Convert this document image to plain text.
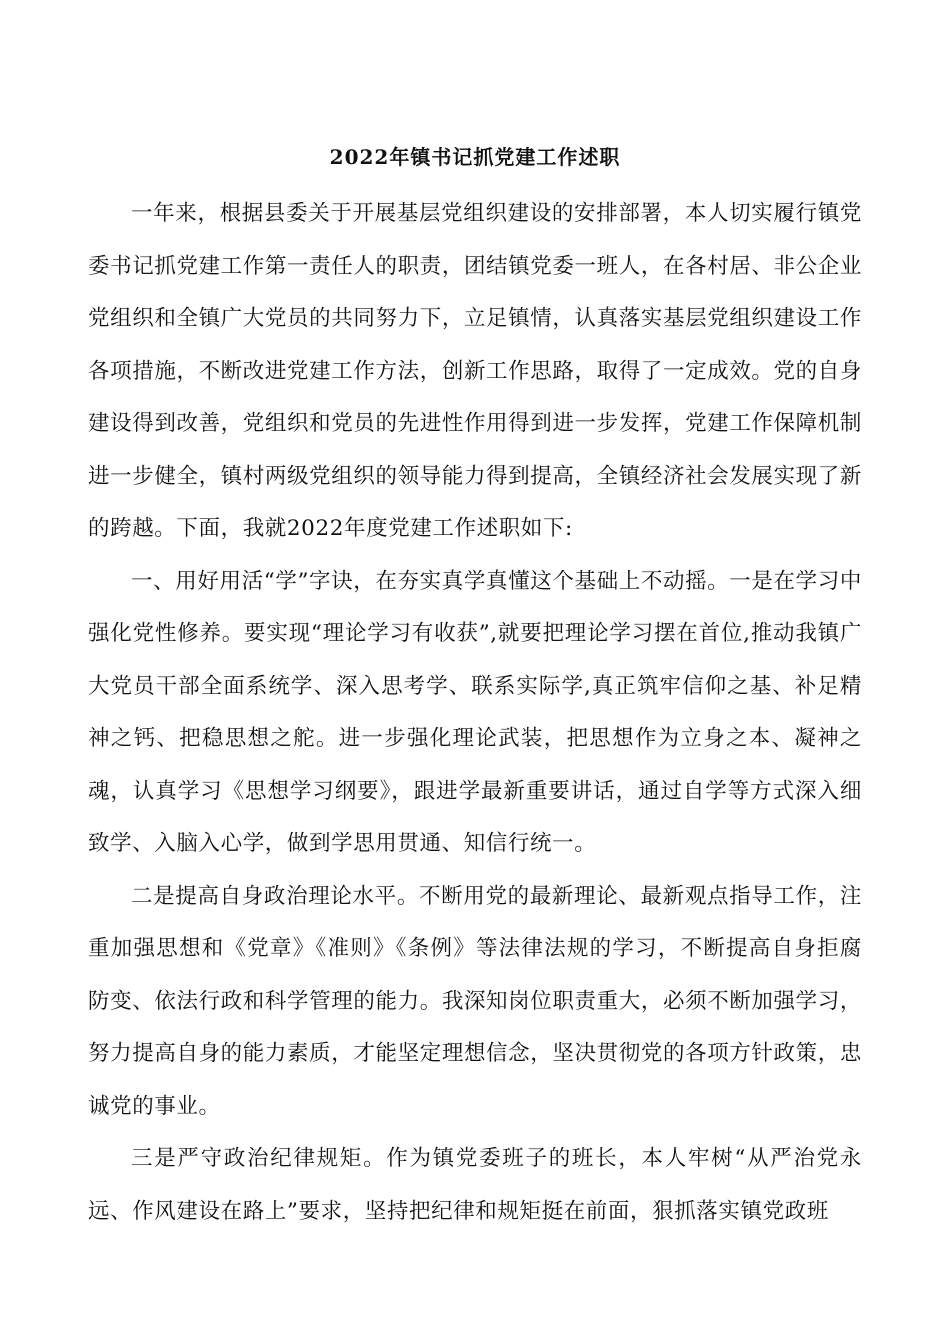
2022年镇书记抓党建工作述职

一年来，根据县委关于开展基层党组织建设的安排部署，本人切实履行镇党委书记抓党建工作第一责任人的职责，团结镇党委一班人，在各村居、非公企业党组织和全镇广大党员的共同努力下，立足镇情，认真落实基层党组织建设工作各项措施，不断改进党建工作方法，创新工作思路，取得了一定成效。党的自身建设得到改善，党组织和党员的先进性作用得到进一步发挥，党建工作保障机制进一步健全，镇村两级党组织的领导能力得到提高，全镇经济社会发展实现了新的跨越。下面，我就2022年度党建工作述职如下:

一、用好用活“学”字诀，在夯实真学真懂这个基础上不动摇。一是在学习中强化党性修养。要实现“理论学习有收获”,就要把理论学习摆在首位,推动我镇广大党员干部全面系统学、深入思考学、联系实际学,真正筑牢信仰之基、补足精神之钙、把稳思想之舵。进一步强化理论武装，把思想作为立身之本、凝神之魂，认真学习《思想学习纲要》，跟进学最新重要讲话，通过自学等方式深入细致学、入脑入心学，做到学思用贯通、知信行统一。

二是提高自身政治理论水平。不断用党的最新理论、最新观点指导工作，注重加强思想和《党章》《准则》《条例》等法律法规的学习，不断提高自身拒腐防变、依法行政和科学管理的能力。我深知岗位职责重大，必须不断加强学习，努力提高自身的能力素质，才能坚定理想信念，坚决贯彻党的各项方针政策，忠诚党的事业。

三是严守政治纪律规矩。作为镇党委班子的班长，本人牢树“从严治党永远、作风建设在路上”要求，坚持把纪律和规矩挺在前面，狠抓落实镇党政班
